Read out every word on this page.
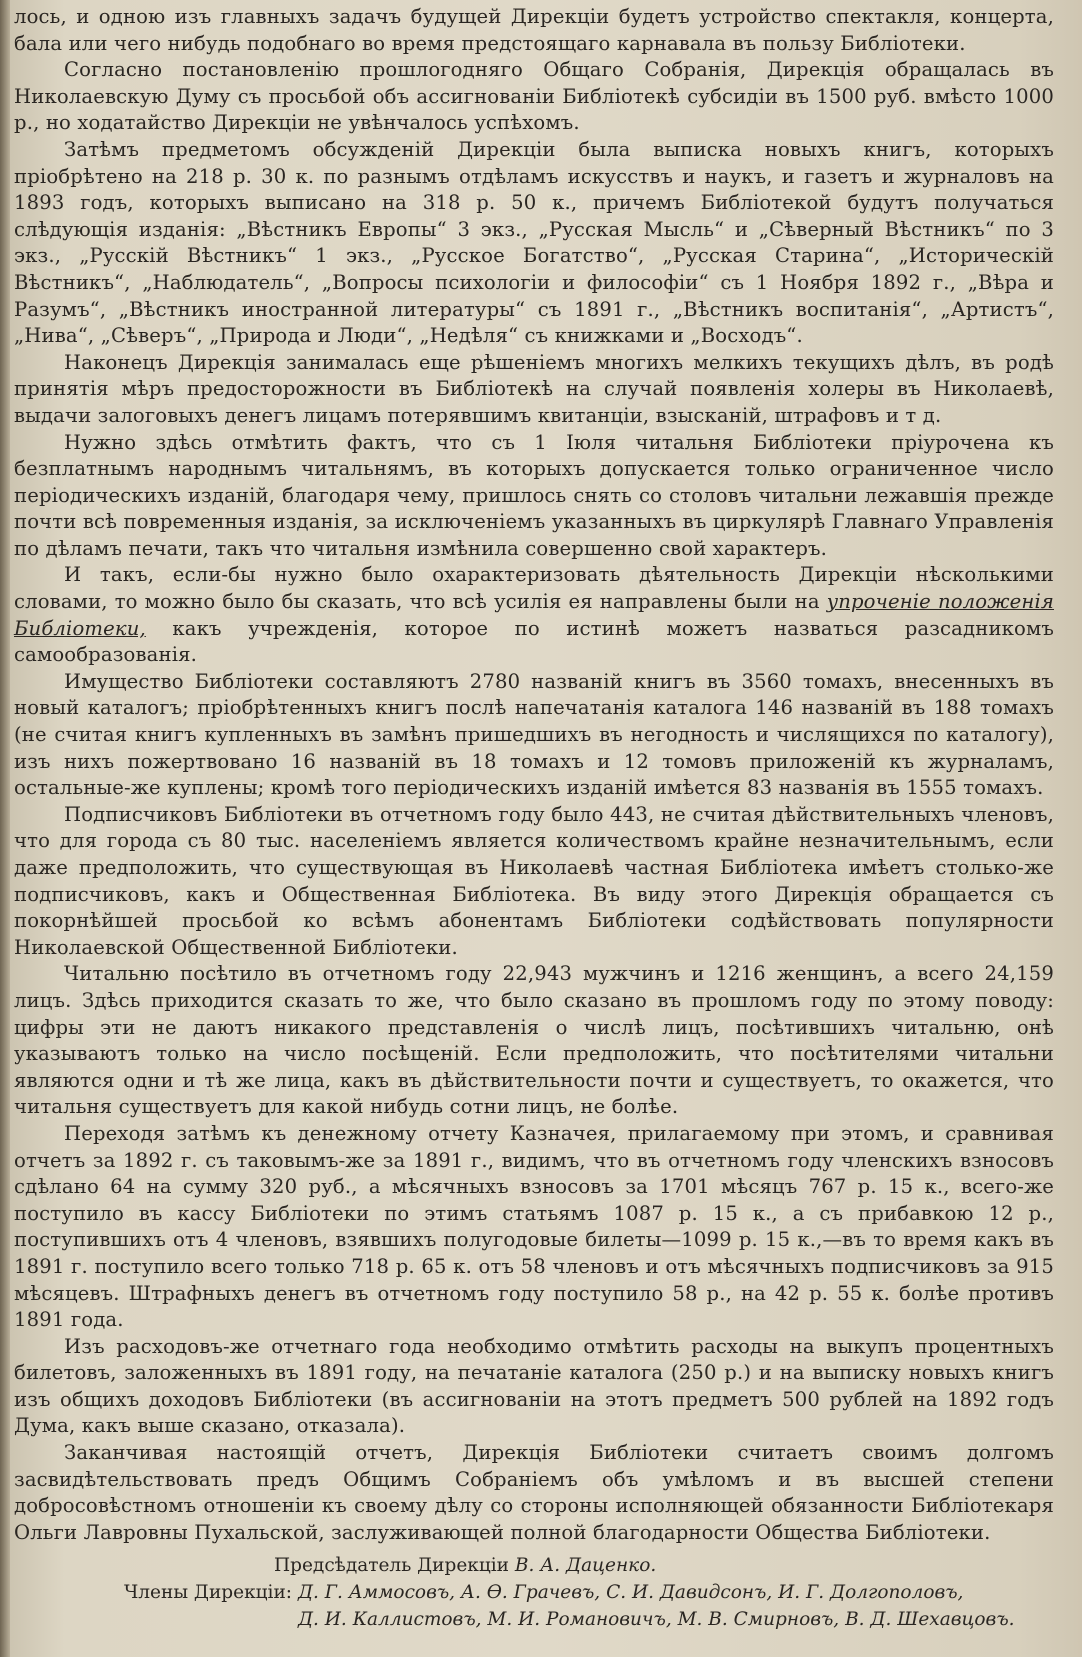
лось, и одною изъ главныхъ задачъ будущей Дирекціи будетъ устройство спектакля, концерта, бала или чего нибудь подобнаго во время предстоящаго карнавала въ пользу Библіотеки.

Согласно постановленію прошлогодняго Общаго Собранія, Дирекція обращалась въ Николаевскую Думу съ просьбой объ ассигнованіи Библіотекѣ субсидіи въ 1500 руб. вмѣсто 1000 р., но ходатайство Дирекціи не увѣнчалось успѣхомъ.

Затѣмъ предметомъ обсужденій Дирекціи была выписка новыхъ книгъ, которыхъ пріобрѣтено на 218 р. 30 к. по разнымъ отдѣламъ искусствъ и наукъ, и газетъ и журналовъ на 1893 годъ, которыхъ выписано на 318 р. 50 к., причемъ Библіотекой будутъ получаться слѣдующія изданія: „Вѣстникъ Европы“ 3 экз., „Русская Мысль“ и „Сѣверный Вѣстникъ“ по 3 экз., „Русскій Вѣстникъ“ 1 экз., „Русское Богатство“, „Русская Старина“, „Историческій Вѣстникъ“, „Наблюдатель“, „Вопросы психологіи и философіи“ съ 1 Ноября 1892 г., „Вѣра и Разумъ“, „Вѣстникъ иностранной литературы“ съ 1891 г., „Вѣстникъ воспитанія“, „Артистъ“, „Нива“, „Сѣверъ“, „Природа и Люди“, „Недѣля“ съ книжками и „Восходъ“.

Наконецъ Дирекція занималась еще рѣшеніемъ многихъ мелкихъ текущихъ дѣлъ, въ родѣ принятія мѣръ предосторожности въ Библіотекѣ на случай появленія холеры въ Николаевѣ, выдачи залоговыхъ денегъ лицамъ потерявшимъ квитанціи, взысканій, штрафовъ и т д.

Нужно здѣсь отмѣтить фактъ, что съ 1 Іюля читальня Библіотеки пріурочена къ безплатнымъ народнымъ читальнямъ, въ которыхъ допускается только ограниченное число періодическихъ изданій, благодаря чему, пришлось снять со столовъ читальни лежавшія прежде почти всѣ повременныя изданія, за исключеніемъ указанныхъ въ циркулярѣ Главнаго Управленія по дѣламъ печати, такъ что читальня измѣнила совершенно свой характеръ.

И такъ, если-бы нужно было охарактеризовать дѣятельность Дирекціи нѣсколькими словами, то можно было бы сказать, что всѣ усилія ея направлены были на упроченіе положенія Библіотеки, какъ учрежденія, которое по истинѣ можетъ назваться разсадникомъ самообразованія.

Имущество Библіотеки составляютъ 2780 названій книгъ въ 3560 томахъ, внесенныхъ въ новый каталогъ; пріобрѣтенныхъ книгъ послѣ напечатанія каталога 146 названій въ 188 томахъ (не считая книгъ купленныхъ въ замѣнъ пришедшихъ въ негодность и числящихся по каталогу), изъ нихъ пожертвовано 16 названій въ 18 томахъ и 12 томовъ приложеній къ журналамъ, остальные-же куплены; кромѣ того періодическихъ изданій имѣется 83 названія въ 1555 томахъ.

Подписчиковъ Библіотеки въ отчетномъ году было 443, не считая дѣйствительныхъ членовъ, что для города съ 80 тыс. населеніемъ является количествомъ крайне незначительнымъ, если даже предположить, что существующая въ Николаевѣ частная Библіотека имѣетъ столько-же подписчиковъ, какъ и Общественная Библіотека. Въ виду этого Дирекція обращается съ покорнѣйшей просьбой ко всѣмъ абонентамъ Библіотеки содѣйствовать популярности Николаевской Общественной Библіотеки.

Читальню посѣтило въ отчетномъ году 22,943 мужчинъ и 1216 женщинъ, а всего 24,159 лицъ. Здѣсь приходится сказать то же, что было сказано въ прошломъ году по этому поводу: цифры эти не даютъ никакого представленія о числѣ лицъ, посѣтившихъ читальню, онѣ указываютъ только на число посѣщеній. Если предположить, что посѣтителями читальни являются одни и тѣ же лица, какъ въ дѣйствительности почти и существуетъ, то окажется, что читальня существуетъ для какой нибудь сотни лицъ, не болѣе.

Переходя затѣмъ къ денежному отчету Казначея, прилагаемому при этомъ, и сравнивая отчетъ за 1892 г. съ таковымъ-же за 1891 г., видимъ, что въ отчетномъ году членскихъ взносовъ сдѣлано 64 на сумму 320 руб., а мѣсячныхъ взносовъ за 1701 мѣсяцъ 767 р. 15 к., всего-же поступило въ кассу Библіотеки по этимъ статьямъ 1087 р. 15 к., а съ прибавкою 12 р., поступившихъ отъ 4 членовъ, взявшихъ полугодовые билеты—1099 р. 15 к.,—въ то время какъ въ 1891 г. поступило всего только 718 р. 65 к. отъ 58 членовъ и отъ мѣсячныхъ подписчиковъ за 915 мѣсяцевъ. Штрафныхъ денегъ въ отчетномъ году поступило 58 р., на 42 р. 55 к. болѣе противъ 1891 года.

Изъ расходовъ-же отчетнаго года необходимо отмѣтить расходы на выкупъ процентныхъ билетовъ, заложенныхъ въ 1891 году, на печатаніе каталога (250 р.) и на выписку новыхъ книгъ изъ общихъ доходовъ Библіотеки (въ ассигнованіи на этотъ предметъ 500 рублей на 1892 годъ Дума, какъ выше сказано, отказала).

Заканчивая настоящій отчетъ, Дирекція Библіотеки считаетъ своимъ долгомъ засвидѣтельствовать предъ Общимъ Собраніемъ объ умѣломъ и въ высшей степени добросовѣстномъ отношеніи къ своему дѣлу со стороны исполняющей обязанности Библіотекаря Ольги Лавровны Пухальской, заслуживающей полной благодарности Общества Библіотеки.

Предсѣдатель Дирекціи В. А. Даценко.
Члены Дирекціи: Д. Г. Аммосовъ, А. Ѳ. Грачевъ, С. И. Давидсонъ, И. Г. Долгополовъ,
Д. И. Каллистовъ, М. И. Романовичъ, М. В. Смирновъ, В. Д. Шехавцовъ.
